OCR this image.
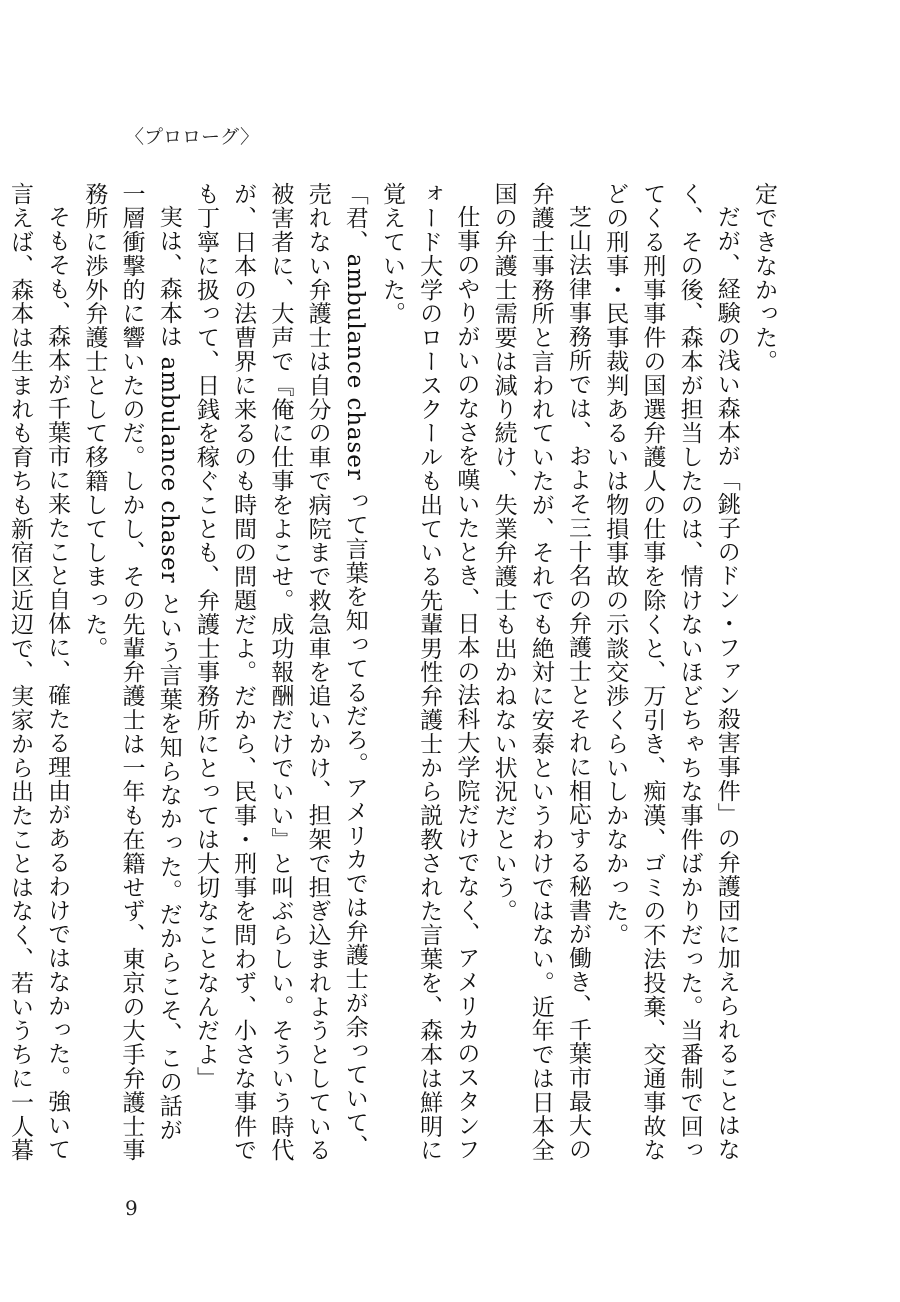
〈プロローグ〉

定できなかった。

だが、経験の浅い森本が「銚子のドン・ファン殺害事件」の弁護団に加えられることはなく、その後、森本が担当したのは、情けないほどちゃちな事件ばかりだった。当番制で回ってくる刑事事件の国選弁護人の仕事を除くと、万引き、痴漢、ゴミの不法投棄、交通事故などの刑事・民事裁判あるいは物損事故の示談交渉くらいしかなかった。

芝山法律事務所では、およそ三十名の弁護士とそれに相応する秘書が働き、千葉市最大の弁護士事務所と言われていたが、それでも絶対に安泰というわけではない。近年では日本全国の弁護士需要は減り続け、失業弁護士も出かねない状況だという。

仕事のやりがいのなさを嘆いたとき、日本の法科大学院だけでなく、アメリカのスタンフォード大学のロースクールも出ている先輩男性弁護士から説教された言葉を、森本は鮮明に覚えていた。

「君、ambulance chaser って言葉を知ってるだろ。アメリカでは弁護士が余っていて、売れない弁護士は自分の車で病院まで救急車を追いかけ、担架で担ぎ込まれようとしている被害者に、大声で『俺に仕事をよこせ。成功報酬だけでいい』と叫ぶらしい。そういう時代が、日本の法曹界に来るのも時間の問題だよ。だから、民事・刑事を問わず、小さな事件でも丁寧に扱って、日銭を稼ぐことも、弁護士事務所にとっては大切なことなんだよ」

実は、森本は ambulance chaser という言葉を知らなかった。だからこそ、この話が一層衝撃的に響いたのだ。しかし、その先輩弁護士は一年も在籍せず、東京の大手弁護士事務所に渉外弁護士として移籍してしまった。

そもそも、森本が千葉市に来たこと自体に、確たる理由があるわけではなかった。強いて言えば、森本は生まれも育ちも新宿区近辺で、実家から出たことはなく、若いうちに一人暮

9
